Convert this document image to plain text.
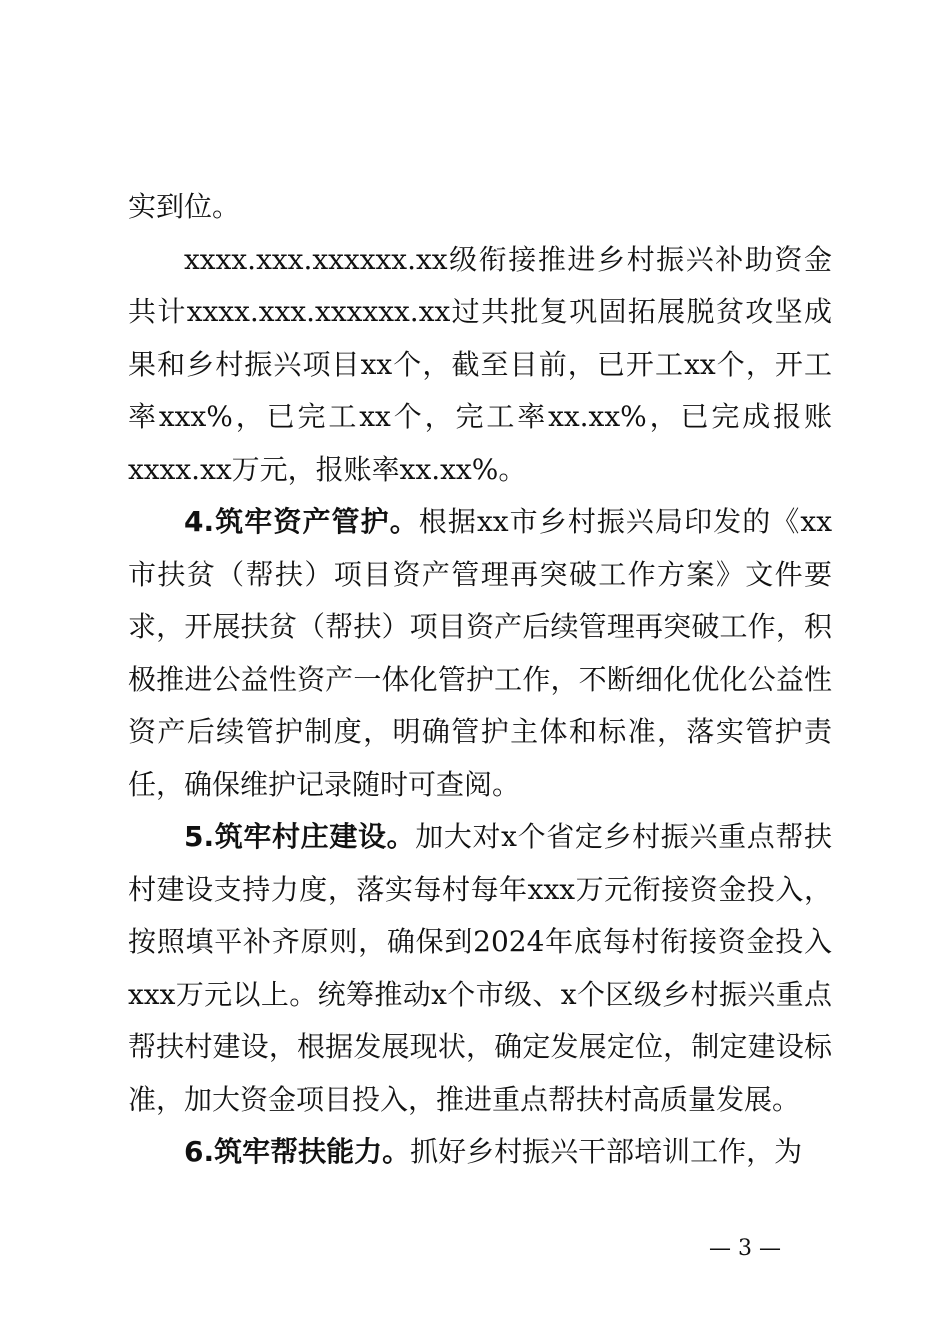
实到位。

xxxx.xxx.xxxxxx.xx级衔接推进乡村振兴补助资金共计xxxx.xxx.xxxxxx.xx过共批复巩固拓展脱贫攻坚成果和乡村振兴项目xx个，截至目前，已开工xx个，开工率xxx%，已完工xx个，完工率xx.xx%，已完成报账xxxx.xx万元，报账率xx.xx%。

4.筑牢资产管护。根据xx市乡村振兴局印发的《xx市扶贫（帮扶）项目资产管理再突破工作方案》文件要求，开展扶贫（帮扶）项目资产后续管理再突破工作，积极推进公益性资产一体化管护工作，不断细化优化公益性资产后续管护制度，明确管护主体和标准，落实管护责任，确保维护记录随时可查阅。

5.筑牢村庄建设。加大对x个省定乡村振兴重点帮扶村建设支持力度，落实每村每年xxx万元衔接资金投入，按照填平补齐原则，确保到2024年底每村衔接资金投入xxx万元以上。统筹推动x个市级、x个区级乡村振兴重点帮扶村建设，根据发展现状，确定发展定位，制定建设标准，加大资金项目投入，推进重点帮扶村高质量发展。

6.筑牢帮扶能力。抓好乡村振兴干部培训工作，为

— 3 —
